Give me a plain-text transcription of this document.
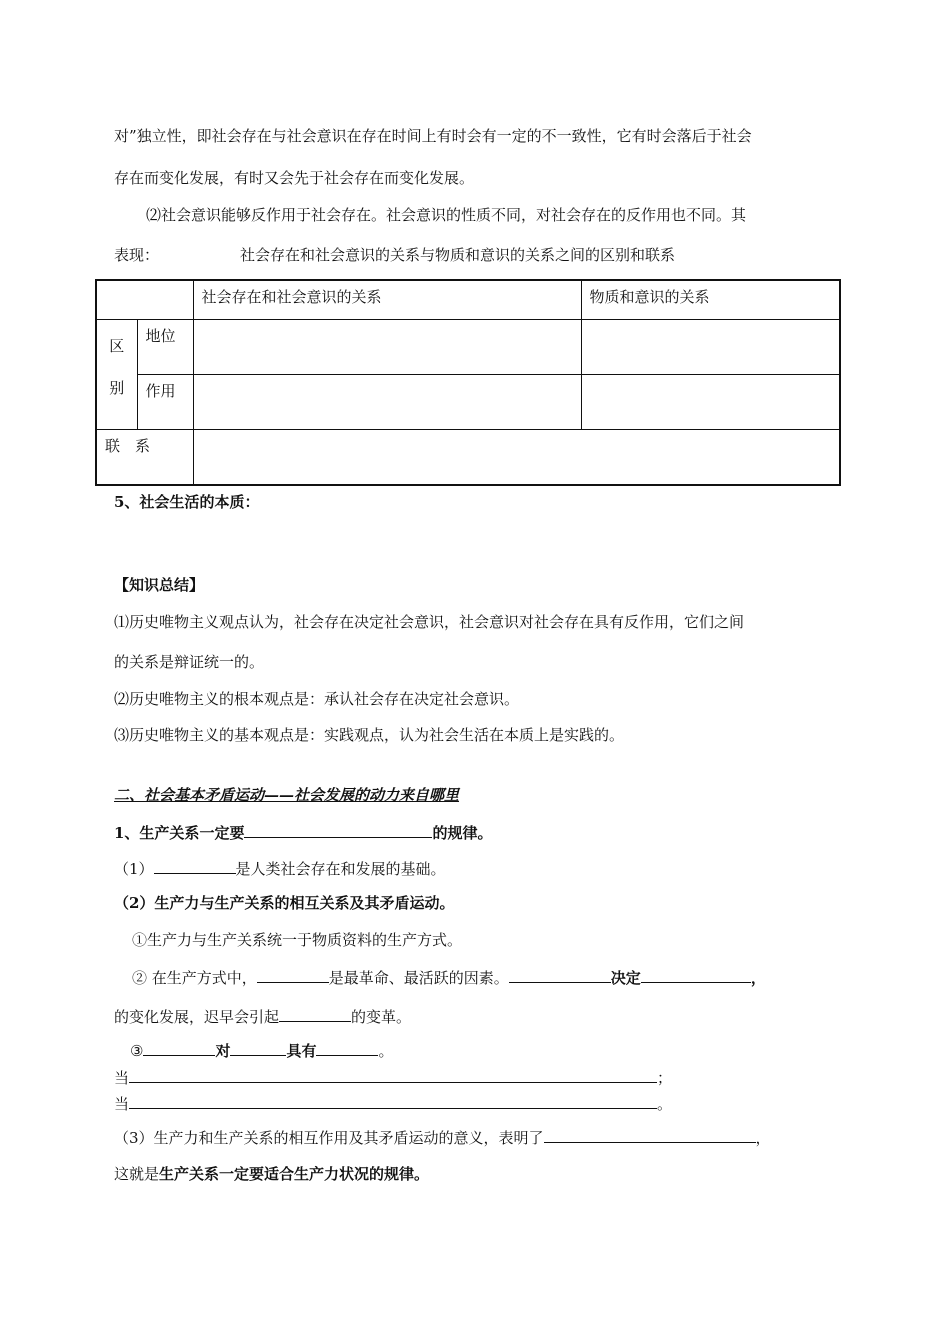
对”独立性，即社会存在与社会意识在存在时间上有时会有一定的不一致性，它有时会落后于社会
存在而变化发展，有时又会先于社会存在而变化发展。
⑵社会意识能够反作用于社会存在。社会意识的性质不同，对社会存在的反作用也不同。其
表现：	社会存在和社会意识的关系与物质和意识的关系之间的区别和联系
		社会存在和社会意识的关系	物质和意识的关系

区
别	地位		
	作用		
联　系			
5、社会生活的本质：
【知识总结】
⑴历史唯物主义观点认为，社会存在决定社会意识，社会意识对社会存在具有反作用，它们之间
的关系是辩证统一的。
⑵历史唯物主义的根本观点是：承认社会存在决定社会意识。
⑶历史唯物主义的基本观点是：实践观点，认为社会生活在本质上是实践的。
二、社会基本矛盾运动——社会发展的动力来自哪里
1、生产关系一定要	的规律。
（1）	是人类社会存在和发展的基础。
（2）生产力与生产关系的相互关系及其矛盾运动。
①生产力与生产关系统一于物质资料的生产方式。
② 在生产方式中，	是最革命、最活跃的因素。	决定	，
的变化发展，迟早会引起	的变革。
③	对	具有	。
当	；
当	。
（3）生产力和生产关系的相互作用及其矛盾运动的意义，表明了	，
这就是生产关系一定要适合生产力状况的规律。
